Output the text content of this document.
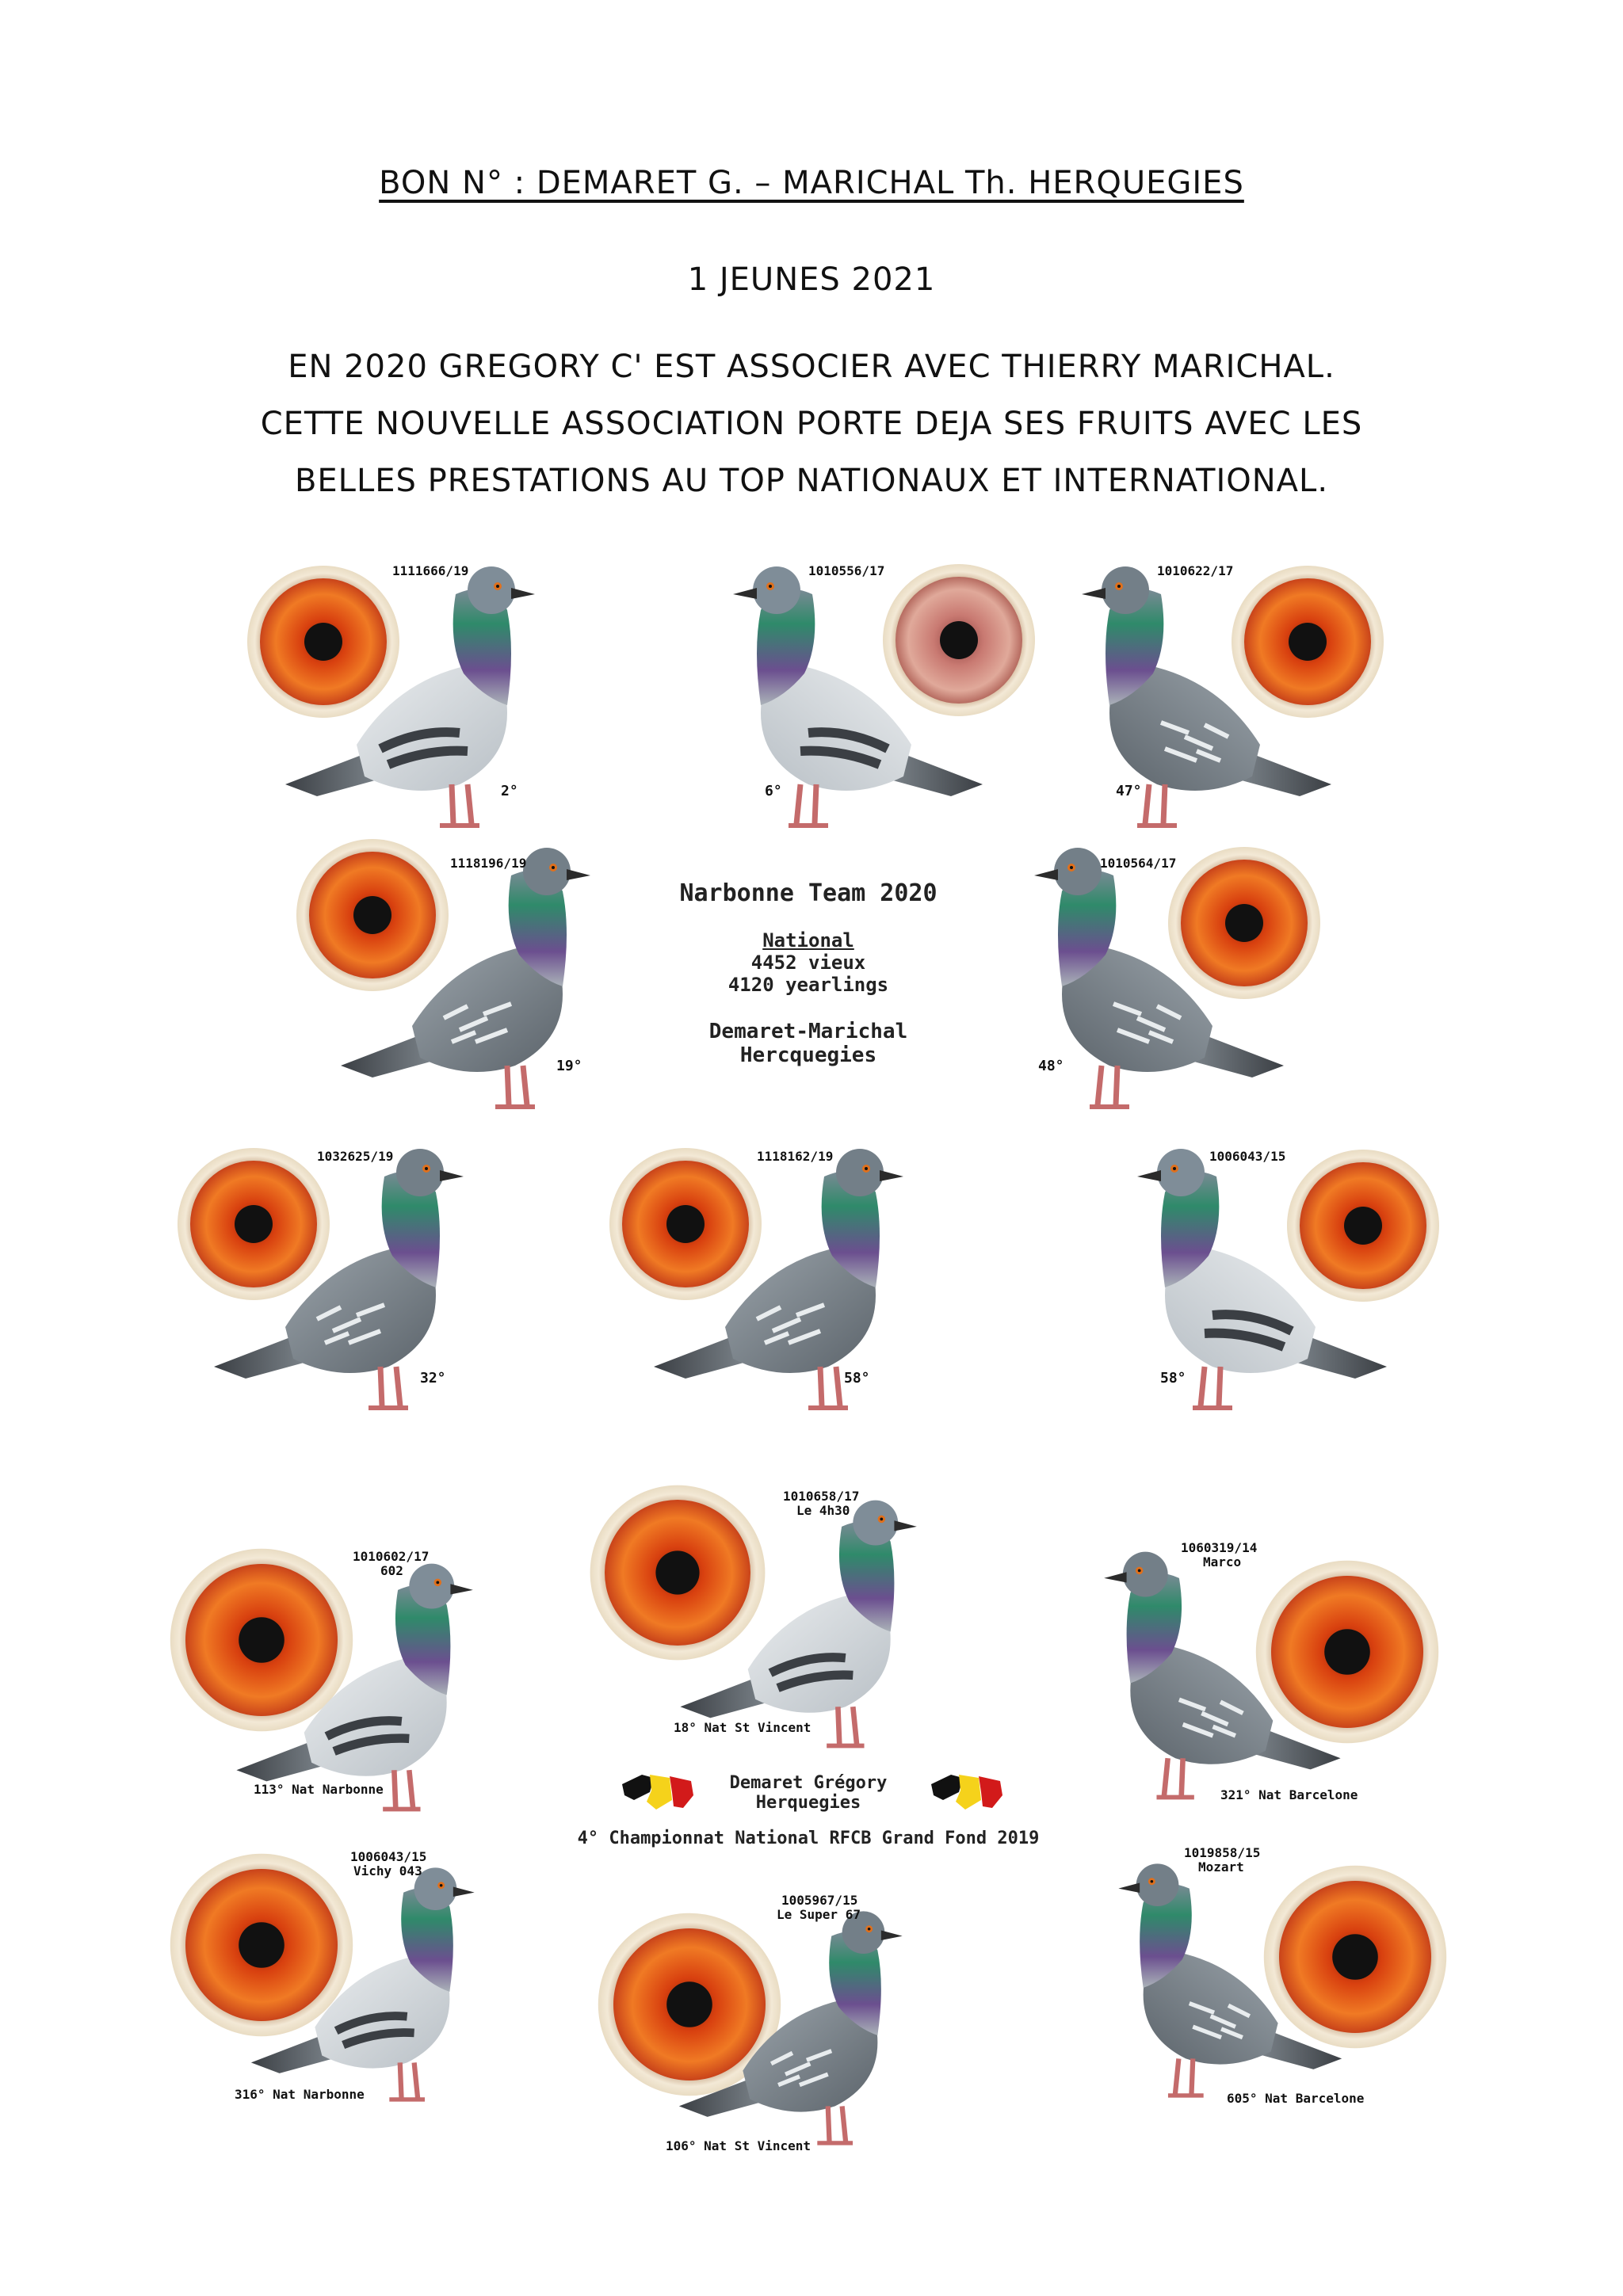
BON N° : DEMARET G. – MARICHAL Th. HERQUEGIES
1 JEUNES 2021
EN 2020 GREGORY C' EST ASSOCIER AVEC THIERRY MARICHAL.
CETTE NOUVELLE ASSOCIATION PORTE DEJA SES FRUITS AVEC LES
BELLES PRESTATIONS AU TOP NATIONAUX ET INTERNATIONAL.
1111666/19
2°
1010556/17
6°
1010622/17
47°
1118196/19
19°
Narbonne Team 2020
National
4452 vieux
4120 yearlings
Demaret-Marichal
Hercquegies
1010564/17
48°
1032625/19
32°
1118162/19
58°
1006043/15
58°
1010658/17
Le 4h30
18° Nat St Vincent
1010602/17
602
113° Nat Narbonne
1060319/14
Marco
321° Nat Barcelone
Demaret Grégory
Herquegies
4° Championnat National RFCB Grand Fond 2019
1006043/15
Vichy 043
316° Nat Narbonne
1005967/15
Le Super 67
106° Nat St Vincent
1019858/15
Mozart
605° Nat Barcelone
